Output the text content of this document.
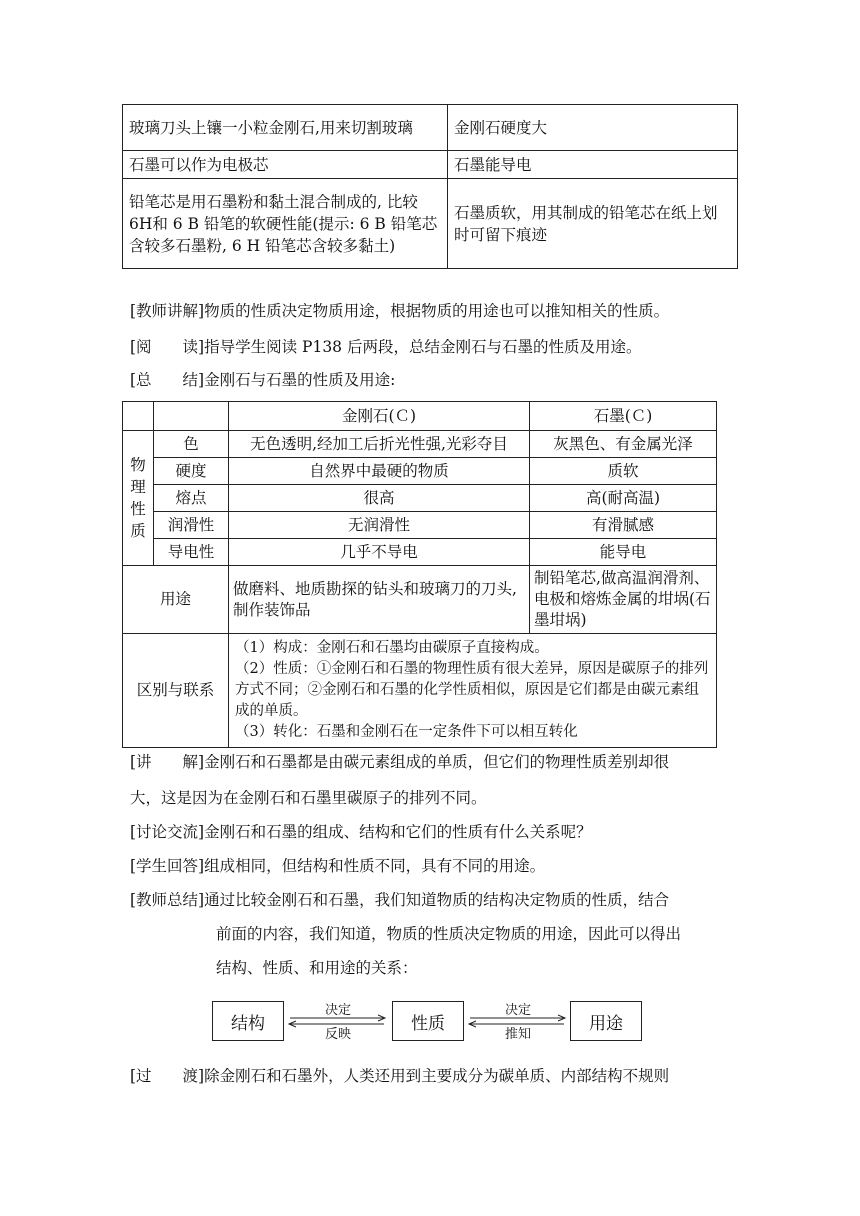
玻璃刀头上镶一小粒金刚石,用来切割玻璃	金刚石硬度大
石墨可以作为电极芯	石墨能导电
铅笔芯是用石墨粉和黏土混合制成的, 比较6H和 6 B 铅笔的软硬性能(提示: 6 B 铅笔芯含较多石墨粉, 6 H 铅笔芯含较多黏土)	石墨质软，用其制成的铅笔芯在纸上划时可留下痕迹
[教师讲解]物质的性质决定物质用途，根据物质的用途也可以推知相关的性质。
[阅　　读]指导学生阅读 P138 后两段，总结金刚石与石墨的性质及用途。
[总　　结]金刚石与石墨的性质及用途:
		金刚石(Ｃ)	石墨(Ｃ)

物理性质	色	无色透明,经加工后折光性强,光彩夺目	灰黑色、有金属光泽
	硬度	自然界中最硬的物质	质软
	熔点	很高	高(耐高温)
	润滑性	无润滑性	有滑腻感
	导电性	几乎不导电	能导电
用途		做磨料、地质勘探的钻头和玻璃刀的刀头,制作装饰品	制铅笔芯,做高温润滑剂、电极和熔炼金属的坩埚(石墨坩埚)
区别与联系		（1）构成：金刚石和石墨均由碳原子直接构成。
（2）性质：①金刚石和石墨的物理性质有很大差异，原因是碳原子的排列方式不同；②金刚石和石墨的化学性质相似，原因是它们都是由碳元素组成的单质。
（3）转化：石墨和金刚石在一定条件下可以相互转化	
[讲　　解]金刚石和石墨都是由碳元素组成的单质，但它们的物理性质差别却很
大，这是因为在金刚石和石墨里碳原子的排列不同。
[讨论交流]金刚石和石墨的组成、结构和它们的性质有什么关系呢？
[学生回答]组成相同，但结构和性质不同，具有不同的用途。
[教师总结]通过比较金刚石和石墨，我们知道物质的结构决定物质的性质，结合
前面的内容，我们知道，物质的性质决定物质的用途，因此可以得出
结构、性质、和用途的关系：
结构
决定
反映
性质
决定
推知
用途
[过　　渡]除金刚石和石墨外，人类还用到主要成分为碳单质、内部结构不规则
